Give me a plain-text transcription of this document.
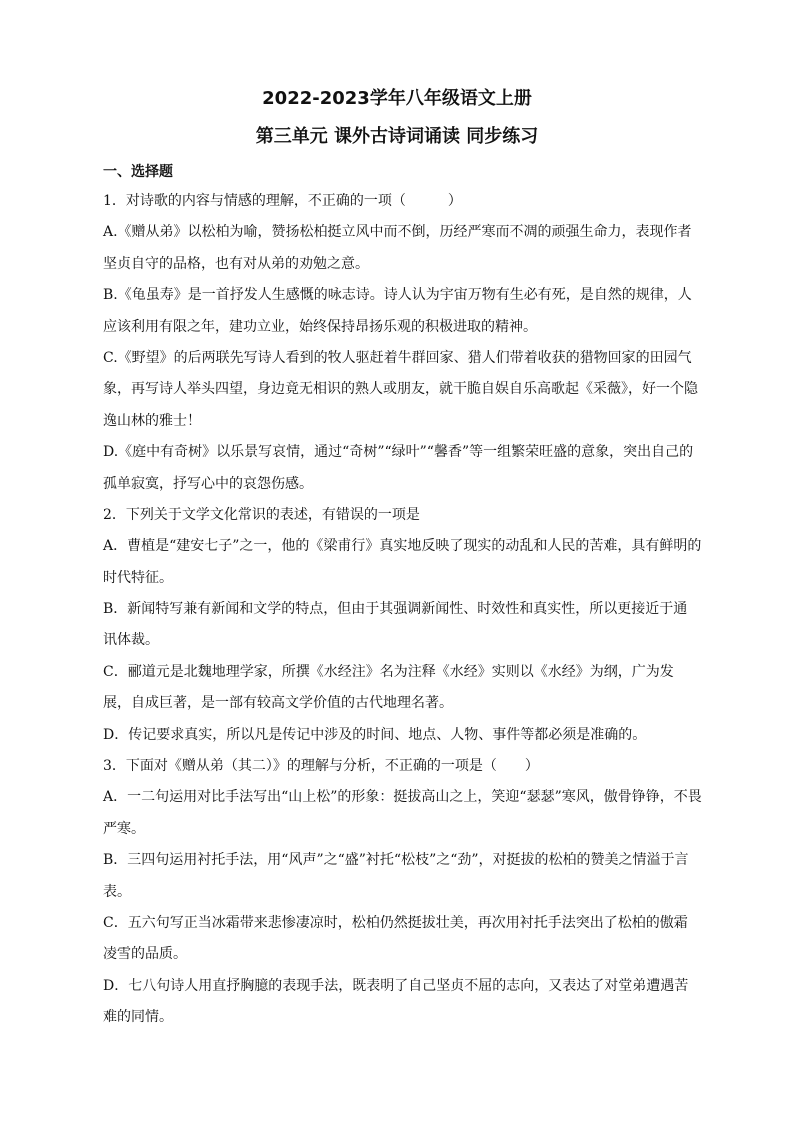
2022-2023学年八年级语文上册
第三单元 课外古诗词诵读 同步练习
一、选择题

1．对诗歌的内容与情感的理解，不正确的一项（　　　）

A.《赠从弟》以松柏为喻，赞扬松柏挺立风中而不倒，历经严寒而不凋的顽强生命力，表现作者

坚贞自守的品格，也有对从弟的劝勉之意。

B.《龟虽寿》是一首抒发人生感慨的咏志诗。诗人认为宇宙万物有生必有死，是自然的规律，人

应该利用有限之年，建功立业，始终保持昂扬乐观的积极进取的精神。

C.《野望》的后两联先写诗人看到的牧人驱赶着牛群回家、猎人们带着收获的猎物回家的田园气

象，再写诗人举头四望，身边竟无相识的熟人或朋友，就干脆自娱自乐高歌起《采薇》，好一个隐

逸山林的雅士！

D.《庭中有奇树》以乐景写哀情，通过“奇树”“绿叶”“馨香”等一组繁荣旺盛的意象，突出自己的

孤单寂寞，抒写心中的哀怨伤感。

2．下列关于文学文化常识的表述，有错误的一项是

A．曹植是“建安七子”之一，他的《梁甫行》真实地反映了现实的动乱和人民的苦难，具有鲜明的

时代特征。

B．新闻特写兼有新闻和文学的特点，但由于其强调新闻性、时效性和真实性，所以更接近于通

讯体裁。

C．郦道元是北魏地理学家，所撰《水经注》名为注释《水经》实则以《水经》为纲，广为发

展，自成巨著，是一部有较高文学价值的古代地理名著。

D．传记要求真实，所以凡是传记中涉及的时间、地点、人物、事件等都必须是准确的。

3．下面对《赠从弟（其二）》的理解与分析，不正确的一项是（　　）

A．一二句运用对比手法写出“山上松”的形象：挺拔高山之上，笑迎“瑟瑟”寒风，傲骨铮铮，不畏

严寒。

B．三四句运用衬托手法，用“风声”之“盛”衬托“松枝”之“劲”，对挺拔的松柏的赞美之情溢于言

表。

C．五六句写正当冰霜带来悲惨凄凉时，松柏仍然挺拔壮美，再次用衬托手法突出了松柏的傲霜

凌雪的品质。

D．七八句诗人用直抒胸臆的表现手法，既表明了自己坚贞不屈的志向，又表达了对堂弟遭遇苦

难的同情。
